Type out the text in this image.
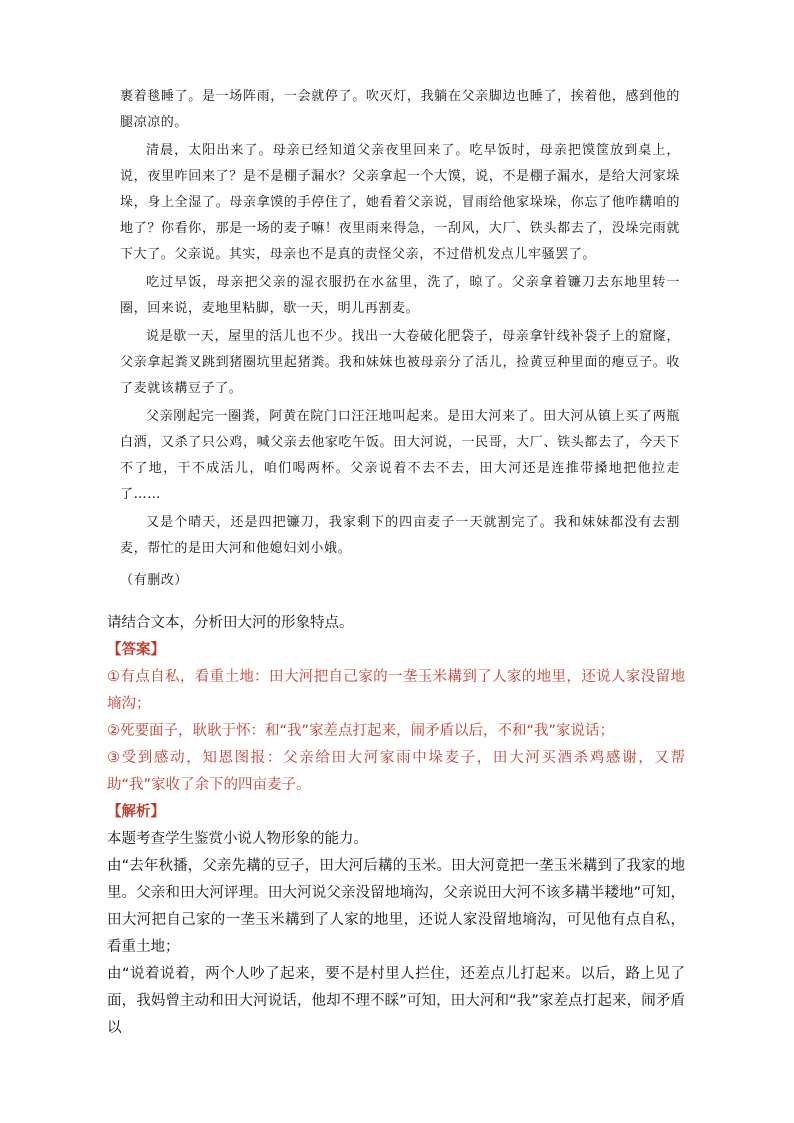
裹着毯睡了。是一场阵雨，一会就停了。吹灭灯，我躺在父亲脚边也睡了，挨着他，感到他的腿凉凉的。

清晨，太阳出来了。母亲已经知道父亲夜里回来了。吃早饭时，母亲把馍筐放到桌上，说，夜里咋回来了？是不是棚子漏水？父亲拿起一个大馍，说，不是棚子漏水，是给大河家垛垛，身上全湿了。母亲拿馍的手停住了，她看着父亲说，冒雨给他家垛垛，你忘了他咋耩咱的地了？你看你，那是一场的麦子嘛！夜里雨来得急，一刮风，大厂、铁头都去了，没垛完雨就下大了。父亲说。其实，母亲也不是真的责怪父亲，不过借机发点儿牢骚罢了。

吃过早饭，母亲把父亲的湿衣服扔在水盆里，洗了，晾了。父亲拿着镰刀去东地里转一圈，回来说，麦地里粘脚，歇一天，明儿再割麦。

说是歇一天，屋里的活儿也不少。找出一大卷破化肥袋子，母亲拿针线补袋子上的窟窿，父亲拿起粪叉跳到猪圈坑里起猪粪。我和妹妹也被母亲分了活儿，捡黄豆种里面的瘪豆子。收了麦就该耩豆子了。

父亲刚起完一圈粪，阿黄在院门口汪汪地叫起来。是田大河来了。田大河从镇上买了两瓶白酒，又杀了只公鸡，喊父亲去他家吃午饭。田大河说，一民哥，大厂、铁头都去了，今天下不了地，干不成活儿，咱们喝两杯。父亲说着不去不去，田大河还是连推带搡地把他拉走了……

又是个晴天，还是四把镰刀，我家剩下的四亩麦子一天就割完了。我和妹妹都没有去割麦，帮忙的是田大河和他媳妇刘小娥。

（有删改）

请结合文本，分析田大河的形象特点。

【答案】

①有点自私，看重土地：田大河把自己家的一垄玉米耩到了人家的地里，还说人家没留地墒沟；

②死要面子，耿耿于怀：和“我”家差点打起来，闹矛盾以后，不和“我”家说话；

③受到感动，知恩图报：父亲给田大河家雨中垛麦子，田大河买酒杀鸡感谢，又帮助“我”家收了余下的四亩麦子。

【解析】

本题考查学生鉴赏小说人物形象的能力。

由“去年秋播，父亲先耩的豆子，田大河后耩的玉米。田大河竟把一垄玉米耩到了我家的地里。父亲和田大河评理。田大河说父亲没留地墒沟，父亲说田大河不该多耩半耧地”可知，田大河把自己家的一垄玉米耩到了人家的地里，还说人家没留地墒沟，可见他有点自私，看重土地；

由“说着说着，两个人吵了起来，要不是村里人拦住，还差点儿打起来。以后，路上见了面，我妈曾主动和田大河说话，他却不理不睬”可知，田大河和“我”家差点打起来，闹矛盾以
